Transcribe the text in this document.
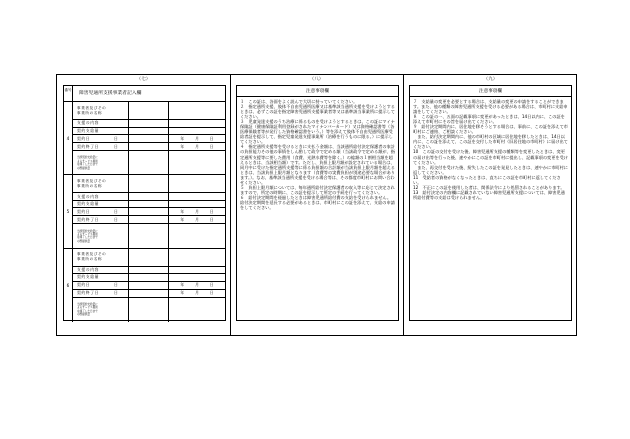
（七）	（八）	（九）
番号
障害児通所支援事業者記入欄
4
事業者及びその
事業所の名称
支援の内容
契約支給量
契約日	日	年	月	日
契約終了日	日	年	月	日
当該契約支給量に
よるサービス提供
を終了した日まで
の既提供量
5
事業者及びその
事業所の名称
支援の内容
契約支給量
契約日	日	年	月	日
契約終了日	日	年	月	日
当該契約支給量に
よるサービス提供
を終了した日まで
の既提供量
6
事業者及びその
事業所の名称
支援の内容
契約支給量
契約日	日	年	月	日
契約終了日	日	年	月	日
当該契約支給量に
よるサービス提供
を終了した日まで
の既提供量
注意事項欄

１　この証は、各面をよく読んで大切に持っていてください。

２　指定通所支援、肢体不自由児通所医療又は基準該当通所支援を受けようとするときは、必ずこの証を指定障害児通所支援事業者等又は基準該当事業所に提示してください。

３　児童発達支援のうち治療に係るものを受けようとするときは、この証にマイナ保険証（健康保険証利用登録がされたマイナンバーカード）又は資格確認書等（各医療保険者等が発行した資格確認書をいう。）等を添えて肢体不自由児通所医療受給者証を提示して、指定児童発達支援事業所（治療を行うものに限る。）に提示してください。

４　指定通所支援等を受けるときに支払う金額は、当該通所給付決定保護者の家計の負担能力その他の事情をしん酌して政令で定める額（当該政令で定める額が、指定通所支援等に要した費用（食費、光熱水費等を除く。）の総額の１割相当額を超えるときは、当該相当額）です。ただし、負担上限月額が設定されている場合は、同月中に受けた指定通所支援等に係る負担額の合計額が当該負担上限月額を超えるときは、当該負担上限月額となります（食費等の実費負担が別途必要な場合があります。）。なお、基準該当通所支援を受ける場合等は、その都度市町村にお問い合わせください。

５　負担上限月額については、毎年通所給付決定保護者の収入等に応じて決定されますので、所定の時期に、この証を提示して所定の手続を行ってください。

６　給付決定期間を経過したときは障害児通所給付費の支給を受けられません。給付決定期間を延長する必要があるときは、市町村にこの証を添えて、支給の申請をしてください。

注意事項欄

７　支給量の変更を必要とする場合は、支給量の変更の申請をすることができます。また、他の種類の障害児通所支援を受ける必要がある場合は、市町村に支給申請をしてください。

８　この証の一、五面の記載事項に変更があったときは、14日以内に、この証を添えて市町村にその旨を届け出てください。

９　給付決定期間内に、居住地を移そうとする場合は、事前に、この証を添えて市町村にご連絡、ご相談ください。

　また、給付決定期間内に、他の市町村の区域に居住地を移したときは、14日以内に、この証を添えて、この証を交付した市町村（旧居住地の市町村）に届け出てください。

10　この証の交付を受けた後、障害児通所支援の種類等を変更したときは、変更の届け出等を行った後、速やかにこの証を市町村に提出し、記載事項の変更を受けてください。

　また、再交付を受けた後、紛失したこの証を発見したときは、速やかに市町村に返してください。

11　受給者の資格がなくなったときは、直ちにこの証を市町村に返してください。

12　不正にこの証を使用した者は、関係法令により処罰されることがあります。

13　給付決定の内容欄に記載されていない障害児通所支援については、障害児通所給付費等の支給は受けられません。
